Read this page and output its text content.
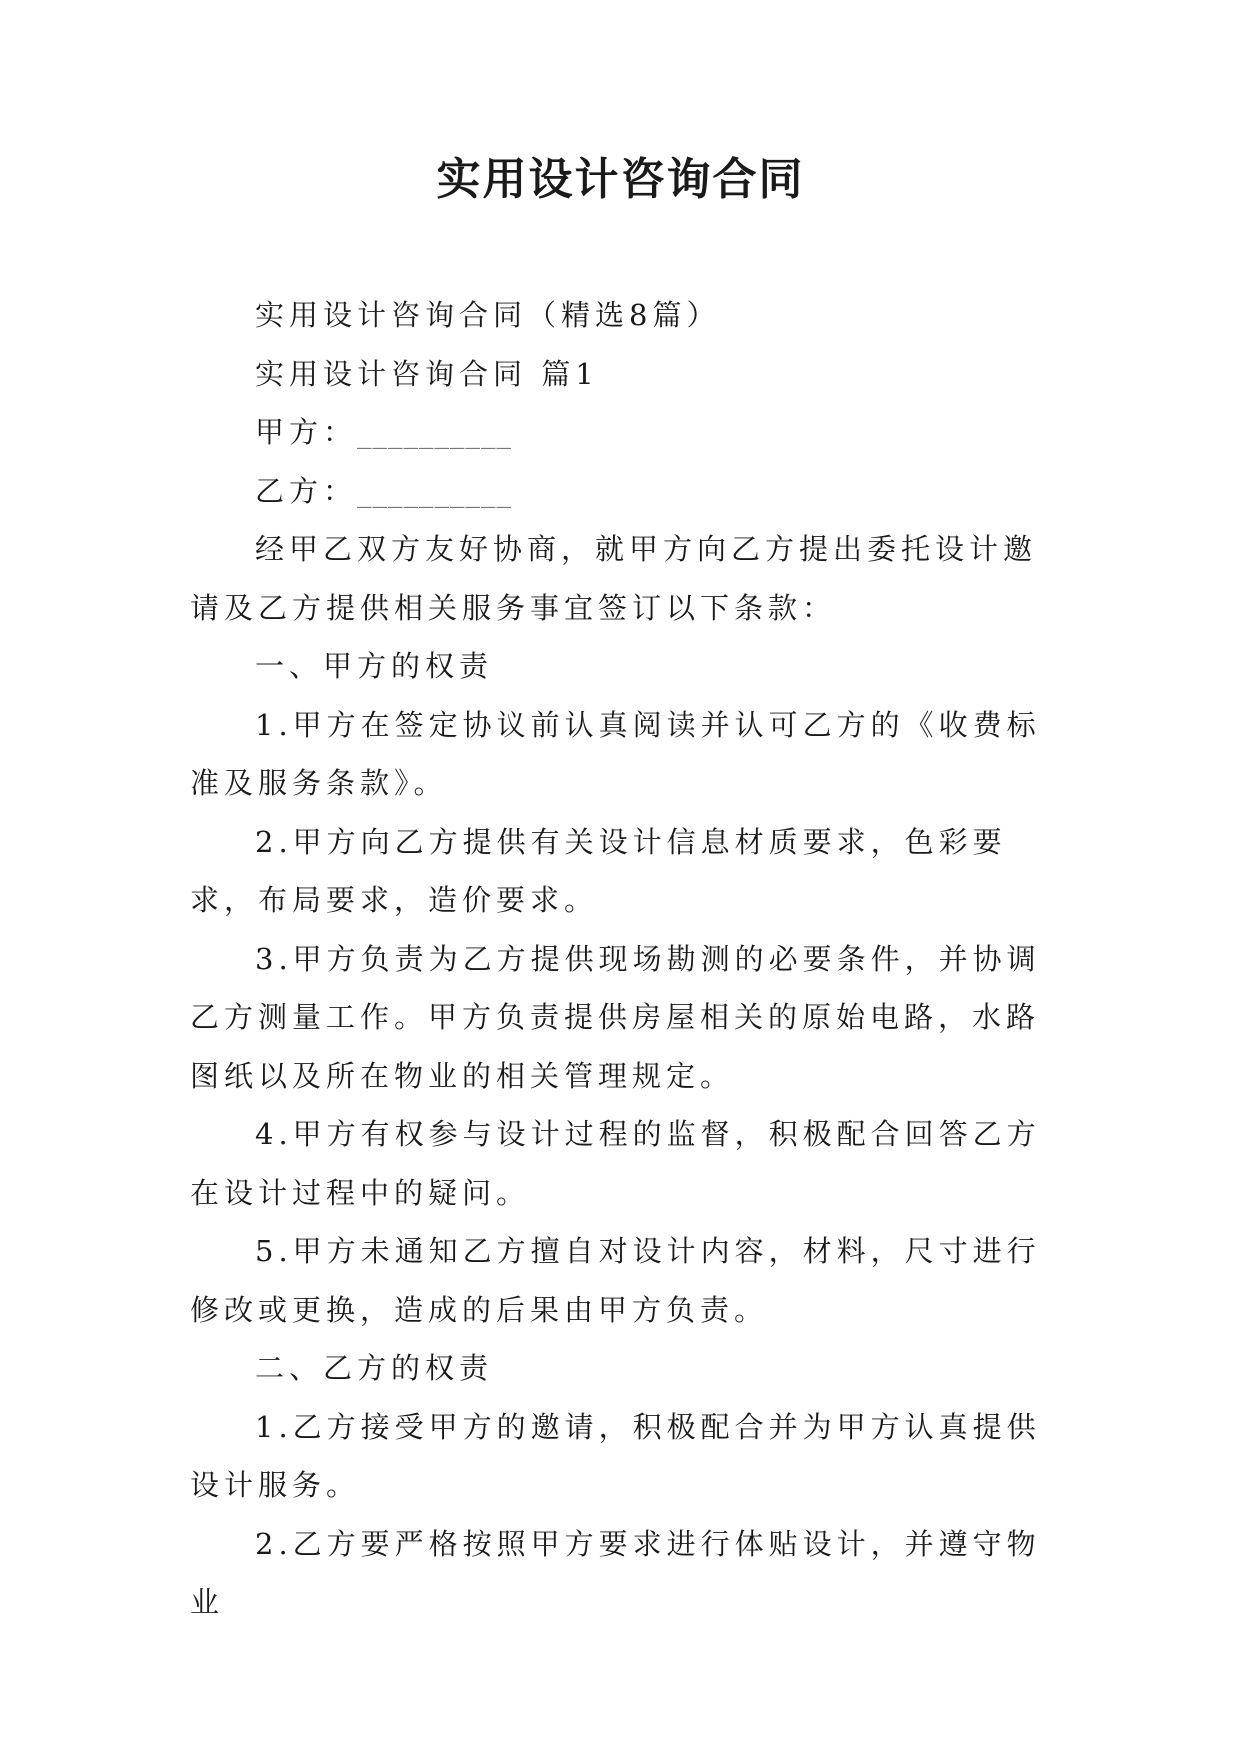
实用设计咨询合同

实用设计咨询合同（精选8篇）

实用设计咨询合同 篇1

甲方：__________

乙方：__________

经甲乙双方友好协商，就甲方向乙方提出委托设计邀请及乙方提供相关服务事宜签订以下条款：

一、甲方的权责

1.甲方在签定协议前认真阅读并认可乙方的《收费标准及服务条款》。

2.甲方向乙方提供有关设计信息材质要求，色彩要求，布局要求，造价要求。

3.甲方负责为乙方提供现场勘测的必要条件，并协调乙方测量工作。甲方负责提供房屋相关的原始电路，水路图纸以及所在物业的相关管理规定。

4.甲方有权参与设计过程的监督，积极配合回答乙方在设计过程中的疑问。

5.甲方未通知乙方擅自对设计内容，材料，尺寸进行修改或更换，造成的后果由甲方负责。

二、乙方的权责

1.乙方接受甲方的邀请，积极配合并为甲方认真提供设计服务。

2.乙方要严格按照甲方要求进行体贴设计，并遵守物业
